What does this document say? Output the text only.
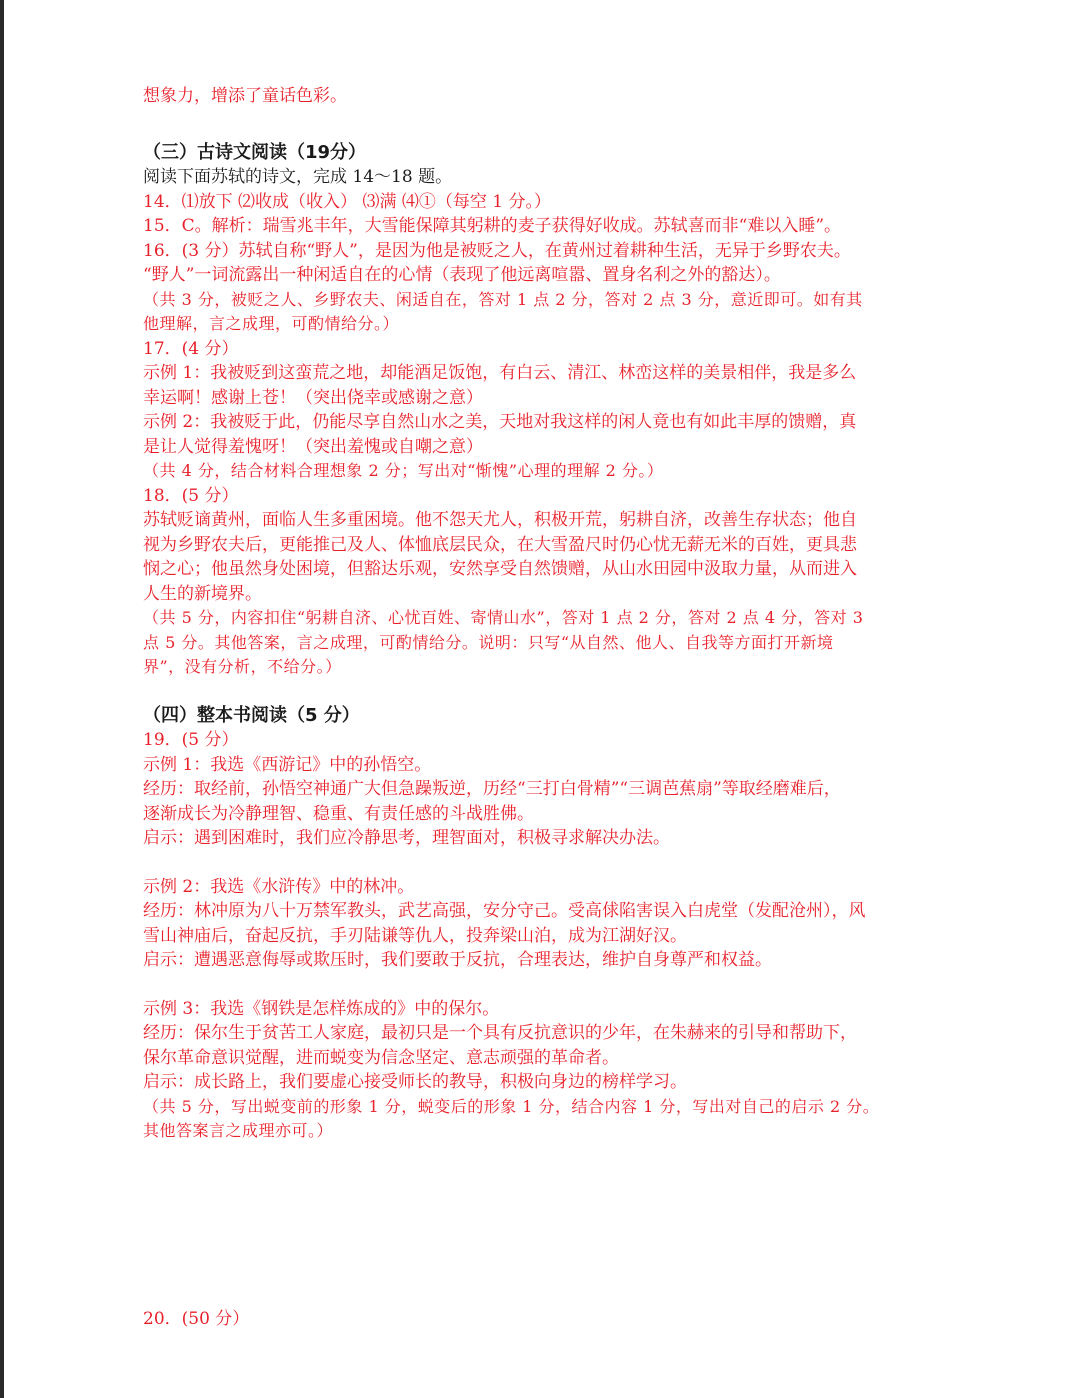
想象力，增添了童话色彩。
（三）古诗文阅读（19分）
阅读下面苏轼的诗文，完成 14～18 题。
14．⑴放下 ⑵收成（收入） ⑶满 ⑷①（每空 1 分。）
15．C。解析：瑞雪兆丰年，大雪能保障其躬耕的麦子获得好收成。苏轼喜而非“难以入睡”。
16．(3 分）苏轼自称“野人”，是因为他是被贬之人，在黄州过着耕种生活，无异于乡野农夫。
“野人”一词流露出一种闲适自在的心情（表现了他远离喧嚣、置身名利之外的豁达）。
（共 3 分，被贬之人、乡野农夫、闲适自在，答对 1 点 2 分，答对 2 点 3 分，意近即可。如有其
他理解，言之成理，可酌情给分。）
17．(4 分）
示例 1：我被贬到这蛮荒之地，却能酒足饭饱，有白云、清江、林峦这样的美景相伴，我是多么
幸运啊！感谢上苍！（突出侥幸或感谢之意）
示例 2：我被贬于此，仍能尽享自然山水之美，天地对我这样的闲人竟也有如此丰厚的馈赠，真
是让人觉得羞愧呀！（突出羞愧或自嘲之意）
（共 4 分，结合材料合理想象 2 分；写出对“惭愧”心理的理解 2 分。）
18．(5 分）
苏轼贬谪黄州，面临人生多重困境。他不怨天尤人，积极开荒，躬耕自济，改善生存状态；他自
视为乡野农夫后，更能推己及人、体恤底层民众，在大雪盈尺时仍心忧无薪无米的百姓，更具悲
悯之心；他虽然身处困境，但豁达乐观，安然享受自然馈赠，从山水田园中汲取力量，从而进入
人生的新境界。
（共 5 分，内容扣住“躬耕自济、心忧百姓、寄情山水”，答对 1 点 2 分，答对 2 点 4 分，答对 3
点 5 分。其他答案，言之成理，可酌情给分。说明：只写“从自然、他人、自我等方面打开新境
界”，没有分析，不给分。）
（四）整本书阅读（5 分）
19．(5 分）
示例 1：我选《西游记》中的孙悟空。
经历：取经前，孙悟空神通广大但急躁叛逆，历经“三打白骨精”“三调芭蕉扇”等取经磨难后，
逐渐成长为冷静理智、稳重、有责任感的斗战胜佛。
启示：遇到困难时，我们应冷静思考，理智面对，积极寻求解决办法。
示例 2：我选《水浒传》中的林冲。
经历：林冲原为八十万禁军教头，武艺高强，安分守己。受高俅陷害误入白虎堂（发配沧州），风
雪山神庙后，奋起反抗，手刃陆谦等仇人，投奔梁山泊，成为江湖好汉。
启示：遭遇恶意侮辱或欺压时，我们要敢于反抗，合理表达，维护自身尊严和权益。
示例 3：我选《钢铁是怎样炼成的》中的保尔。
经历：保尔生于贫苦工人家庭，最初只是一个具有反抗意识的少年，在朱赫来的引导和帮助下，
保尔革命意识觉醒，进而蜕变为信念坚定、意志顽强的革命者。
启示：成长路上，我们要虚心接受师长的教导，积极向身边的榜样学习。
（共 5 分，写出蜕变前的形象 1 分，蜕变后的形象 1 分，结合内容 1 分，写出对自己的启示 2 分。
其他答案言之成理亦可。）
20．(50 分）
